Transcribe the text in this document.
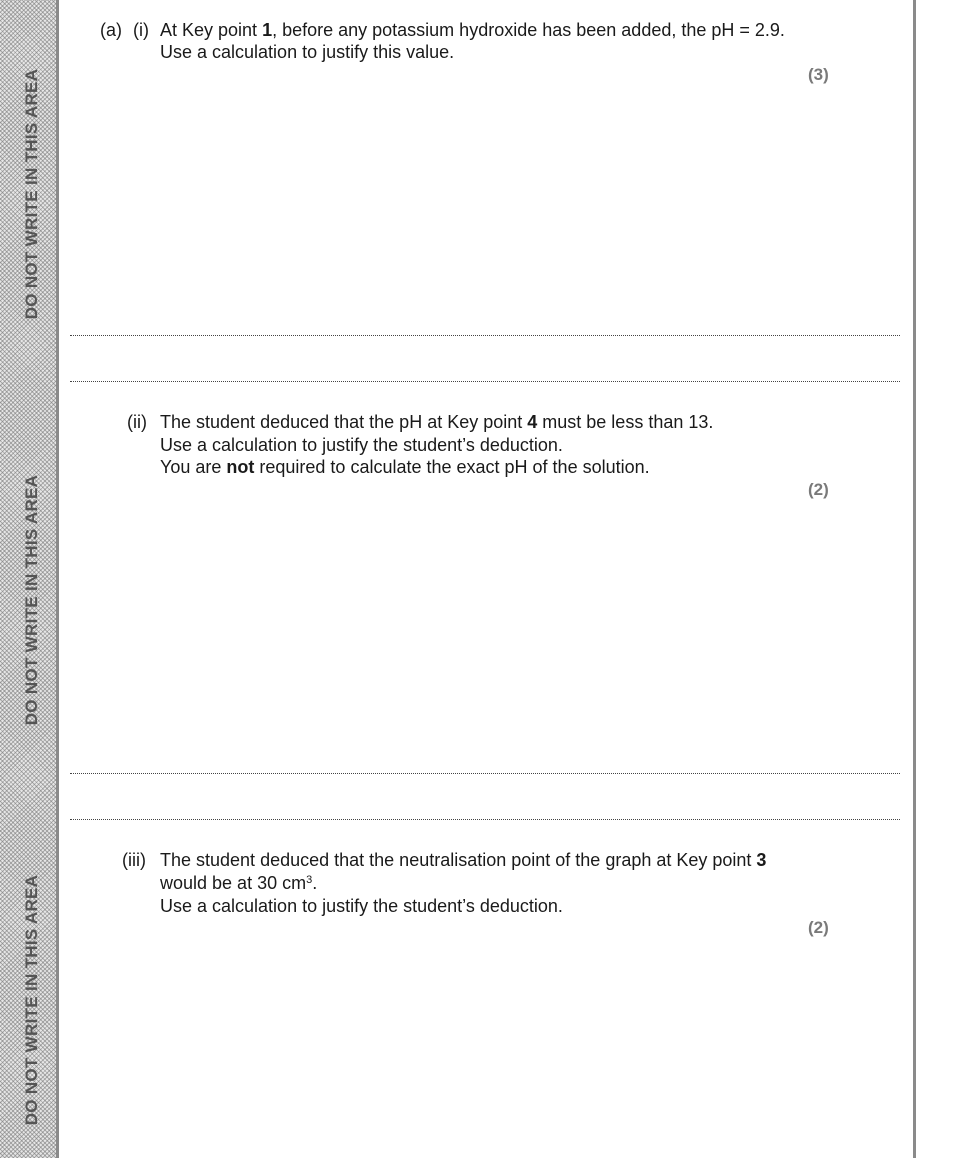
DO NOT WRITE IN THIS AREA
DO NOT WRITE IN THIS AREA
DO NOT WRITE IN THIS AREA
(a) (i) At Key point 1, before any potassium hydroxide has been added, the pH = 2.9.
Use a calculation to justify this value.
(3)
(ii) The student deduced that the pH at Key point 4 must be less than 13.
Use a calculation to justify the student’s deduction.
You are not required to calculate the exact pH of the solution.
(2)
(iii) The student deduced that the neutralisation point of the graph at Key point 3
would be at 30 $cm^3$.
Use a calculation to justify the student’s deduction.
(2)
